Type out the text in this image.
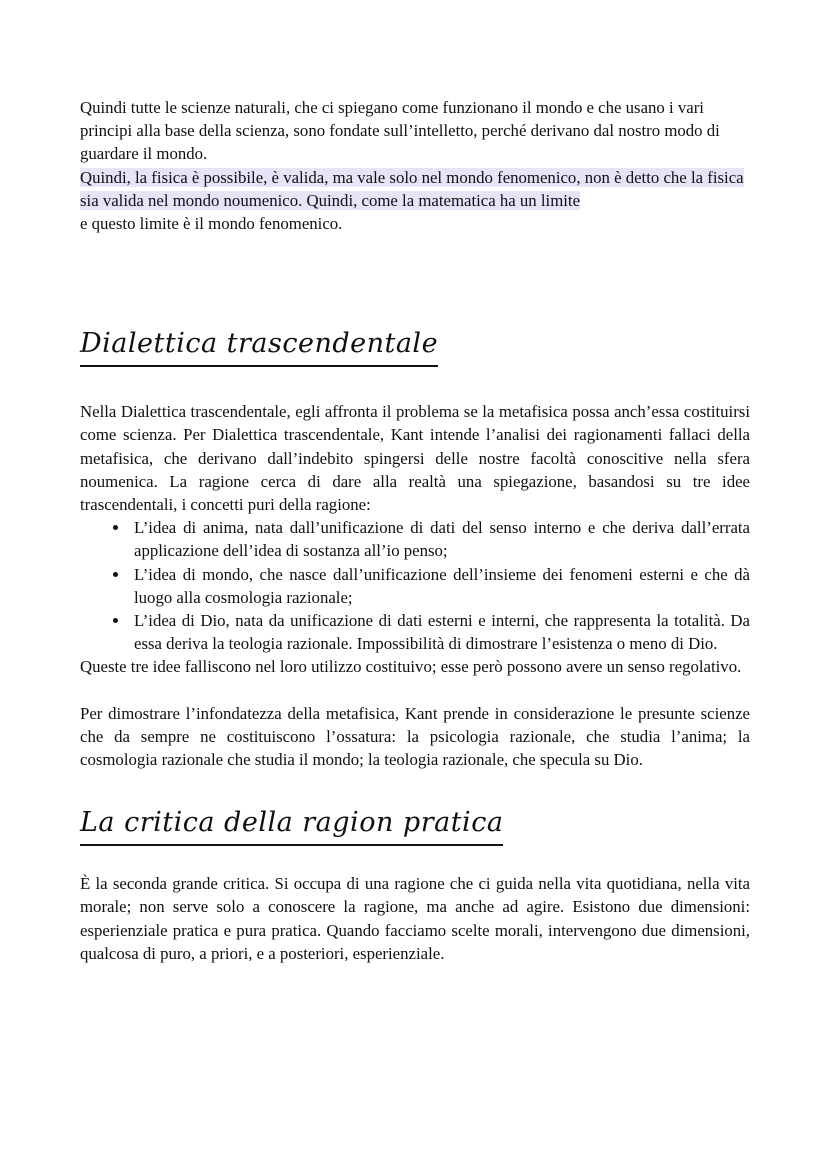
Quindi tutte le scienze naturali, che ci spiegano come funzionano il mondo e che usano i vari principi alla base della scienza, sono fondate sull’intelletto, perché derivano dal nostro modo di guardare il mondo.

Quindi, la fisica è possibile, è valida, ma vale solo nel mondo fenomenico, non è detto che la fisica sia valida nel mondo noumenico. Quindi, come la matematica ha un limite
e questo limite è il mondo fenomenico.

Dialettica trascendentale

Nella Dialettica trascendentale, egli affronta il problema se la metafisica possa anch’essa costituirsi come scienza. Per Dialettica trascendentale, Kant intende l’analisi dei ragionamenti fallaci della metafisica, che derivano dall’indebito spingersi delle nostre facoltà conoscitive nella sfera noumenica. La ragione cerca di dare alla realtà una spiegazione, basandosi su tre idee trascendentali, i concetti puri della ragione:

• L’idea di anima, nata dall’unificazione di dati del senso interno e che deriva dall’errata applicazione dell’idea di sostanza all’io penso;
• L’idea di mondo, che nasce dall’unificazione dell’insieme dei fenomeni esterni e che dà luogo alla cosmologia razionale;
• L’idea di Dio, nata da unificazione di dati esterni e interni, che rappresenta la totalità. Da essa deriva la teologia razionale. Impossibilità di dimostrare l’esistenza o meno di Dio.

Queste tre idee falliscono nel loro utilizzo costituivo; esse però possono avere un senso regolativo.

Per dimostrare l’infondatezza della metafisica, Kant prende in considerazione le presunte scienze che da sempre ne costituiscono l’ossatura: la psicologia razionale, che studia l’anima; la cosmologia razionale che studia il mondo; la teologia razionale, che specula su Dio.

La critica della ragion pratica

È la seconda grande critica. Si occupa di una ragione che ci guida nella vita quotidiana, nella vita morale; non serve solo a conoscere la ragione, ma anche ad agire. Esistono due dimensioni: esperienziale pratica e pura pratica. Quando facciamo scelte morali, intervengono due dimensioni, qualcosa di puro, a priori, e a posteriori, esperienziale.
